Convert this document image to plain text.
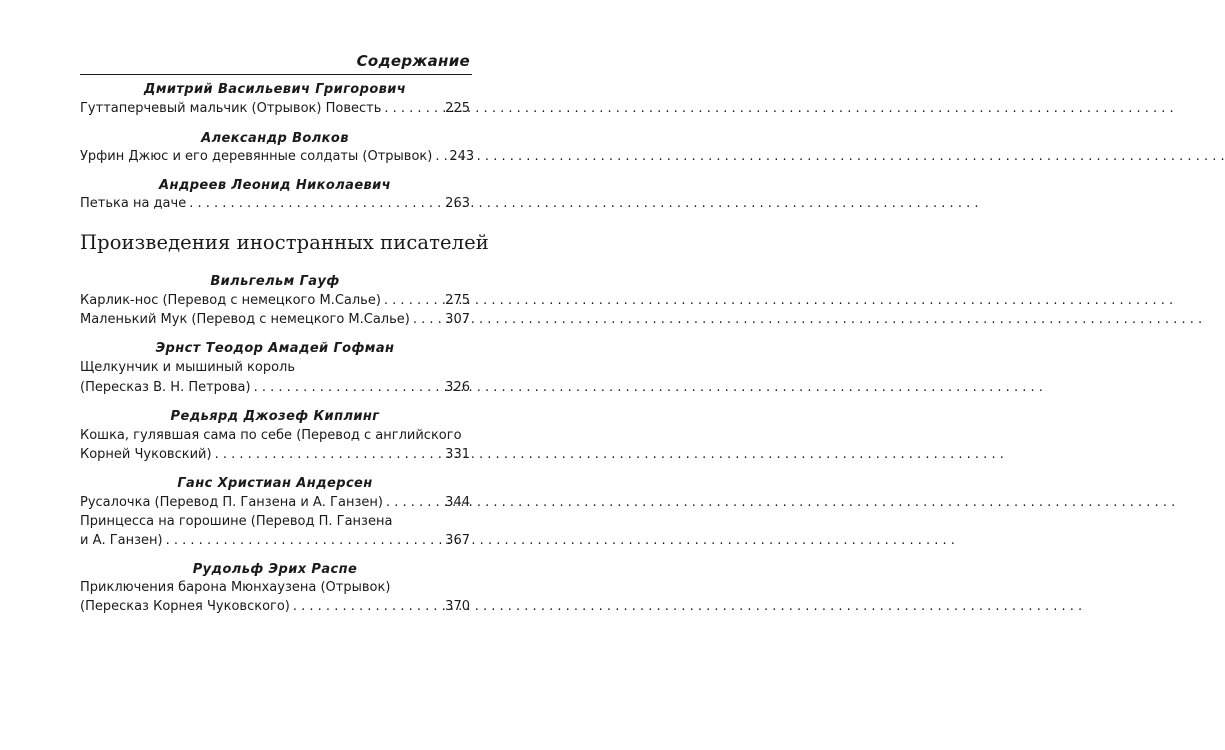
Содержание
Дмитрий Васильевич Григорович
Гуттаперчевый мальчик (Отрывок) Повесть . . .	225
Александр Волков
Урфин Джюс и его деревянные солдаты (Отрывок) . . .	243
Андреев Леонид Николаевич
Петька на даче . . .	263
Произведения иностранных писателей
Вильгельм Гауф
Карлик-нос (Перевод с немецкого М.Салье) . . .	275
Маленький Мук (Перевод с немецкого М.Салье) . . .	307
Эрнст Теодор Амадей Гофман
Щелкунчик и мышиный король
(Пересказ В. Н. Петрова) . . .	326
Редьярд Джозеф Киплинг
Кошка, гулявшая сама по себе (Перевод с английского
Корней Чуковский) . . .	331
Ганс Христиан Андерсен
Русалочка (Перевод П. Ганзена и А. Ганзен) . . .	344
Принцесса на горошине (Перевод П. Ганзена
и А. Ганзен) . . .	367
Рудольф Эрих Распе
Приключения барона Мюнхаузена (Отрывок)
(Пересказ Корнея Чуковского) . . .	370
